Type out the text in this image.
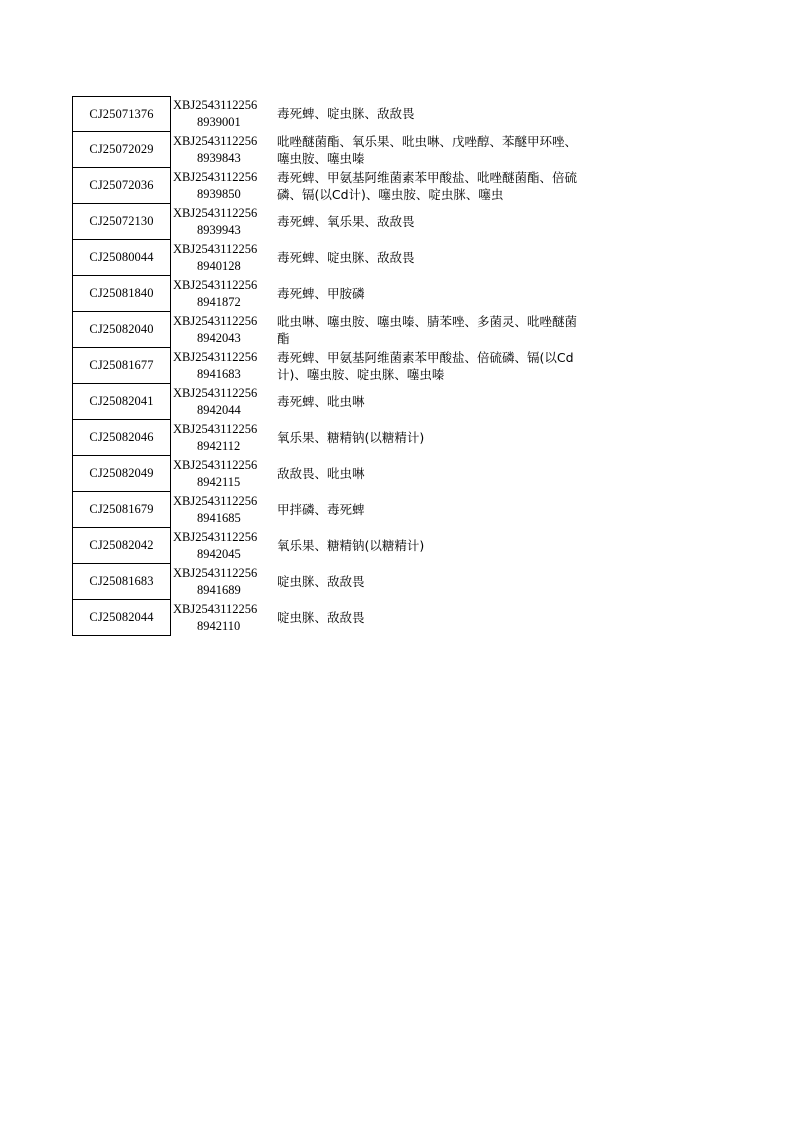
CJ25071376
XBJ2543112256
8939001
毒死蜱、啶虫脒、敌敌畏
CJ25072029
XBJ2543112256
8939843
吡唑醚菌酯、氧乐果、吡虫啉、戊唑醇、苯醚甲环唑、噻虫胺、噻虫嗪
CJ25072036
XBJ2543112256
8939850
毒死蜱、甲氨基阿维菌素苯甲酸盐、吡唑醚菌酯、倍硫磷、镉(以Cd计)、噻虫胺、啶虫脒、噻虫
CJ25072130
XBJ2543112256
8939943
毒死蜱、氧乐果、敌敌畏
CJ25080044
XBJ2543112256
8940128
毒死蜱、啶虫脒、敌敌畏
CJ25081840
XBJ2543112256
8941872
毒死蜱、甲胺磷
CJ25082040
XBJ2543112256
8942043
吡虫啉、噻虫胺、噻虫嗪、腈苯唑、多菌灵、吡唑醚菌酯
CJ25081677
XBJ2543112256
8941683
毒死蜱、甲氨基阿维菌素苯甲酸盐、倍硫磷、镉(以Cd计)、噻虫胺、啶虫脒、噻虫嗪
CJ25082041
XBJ2543112256
8942044
毒死蜱、吡虫啉
CJ25082046
XBJ2543112256
8942112
氧乐果、糖精钠(以糖精计)
CJ25082049
XBJ2543112256
8942115
敌敌畏、吡虫啉
CJ25081679
XBJ2543112256
8941685
甲拌磷、毒死蜱
CJ25082042
XBJ2543112256
8942045
氧乐果、糖精钠(以糖精计)
CJ25081683
XBJ2543112256
8941689
啶虫脒、敌敌畏
CJ25082044
XBJ2543112256
8942110
啶虫脒、敌敌畏
